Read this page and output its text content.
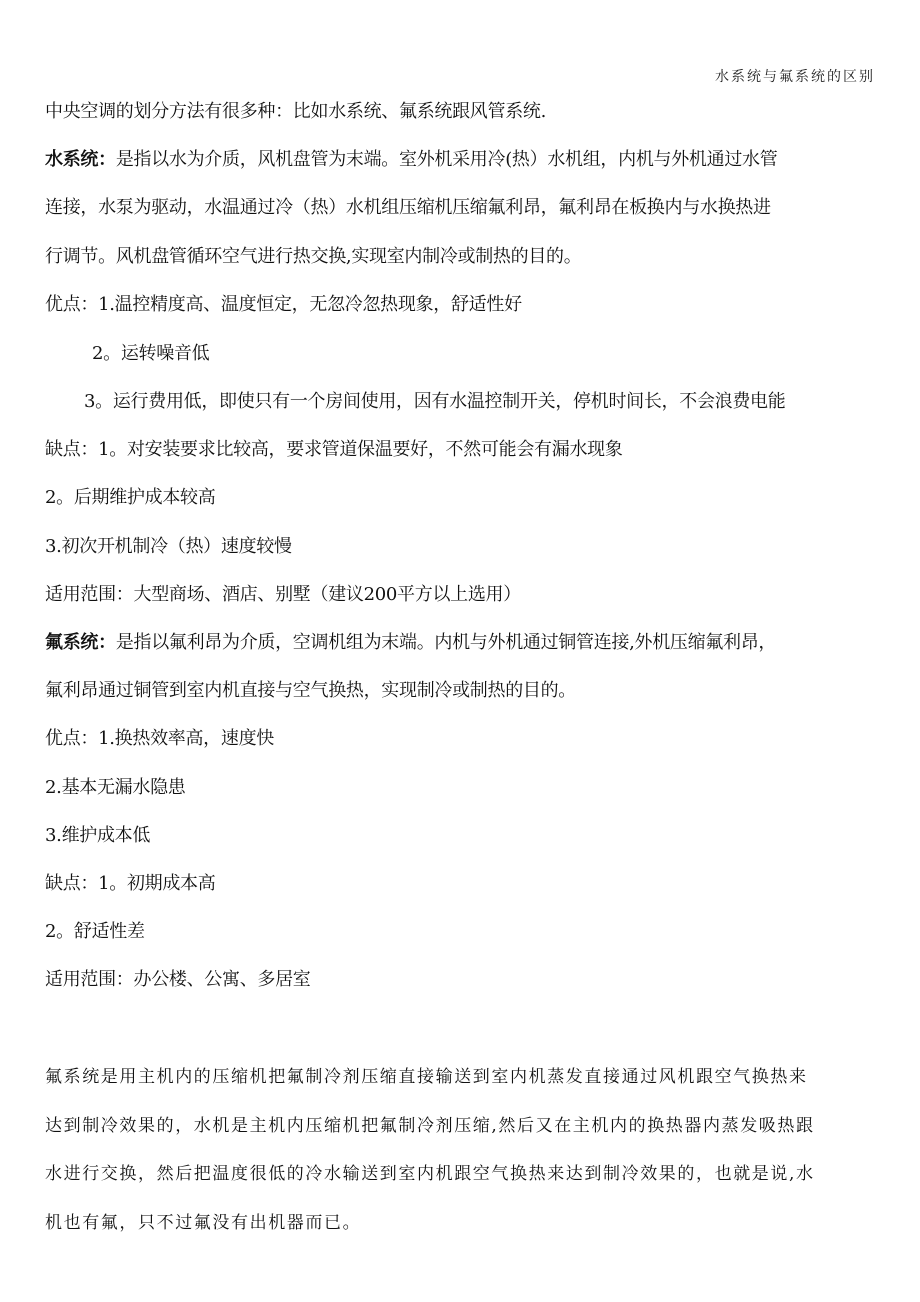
水系统与氟系统的区别
中央空调的划分方法有很多种：比如水系统、氟系统跟风管系统.
水系统：是指以水为介质，风机盘管为末端。室外机采用冷(热）水机组，内机与外机通过水管
连接，水泵为驱动，水温通过冷（热）水机组压缩机压缩氟利昂，氟利昂在板换内与水换热进
行调节。风机盘管循环空气进行热交换,实现室内制冷或制热的目的。
优点：1.温控精度高、温度恒定，无忽冷忽热现象，舒适性好
2。运转噪音低
3。运行费用低，即使只有一个房间使用，因有水温控制开关，停机时间长，不会浪费电能
缺点：1。对安装要求比较高，要求管道保温要好，不然可能会有漏水现象
2。后期维护成本较高
3.初次开机制冷（热）速度较慢
适用范围：大型商场、酒店、别墅（建议200平方以上选用）
氟系统：是指以氟利昂为介质，空调机组为末端。内机与外机通过铜管连接,外机压缩氟利昂，
氟利昂通过铜管到室内机直接与空气换热，实现制冷或制热的目的。
优点：1.换热效率高，速度快
2.基本无漏水隐患
3.维护成本低
缺点：1。初期成本高
2。舒适性差
适用范围：办公楼、公寓、多居室
氟系统是用主机内的压缩机把氟制冷剂压缩直接输送到室内机蒸发直接通过风机跟空气换热来
达到制冷效果的，水机是主机内压缩机把氟制冷剂压缩,然后又在主机内的换热器内蒸发吸热跟
水进行交换，然后把温度很低的冷水输送到室内机跟空气换热来达到制冷效果的，也就是说,水
机也有氟，只不过氟没有出机器而已。
